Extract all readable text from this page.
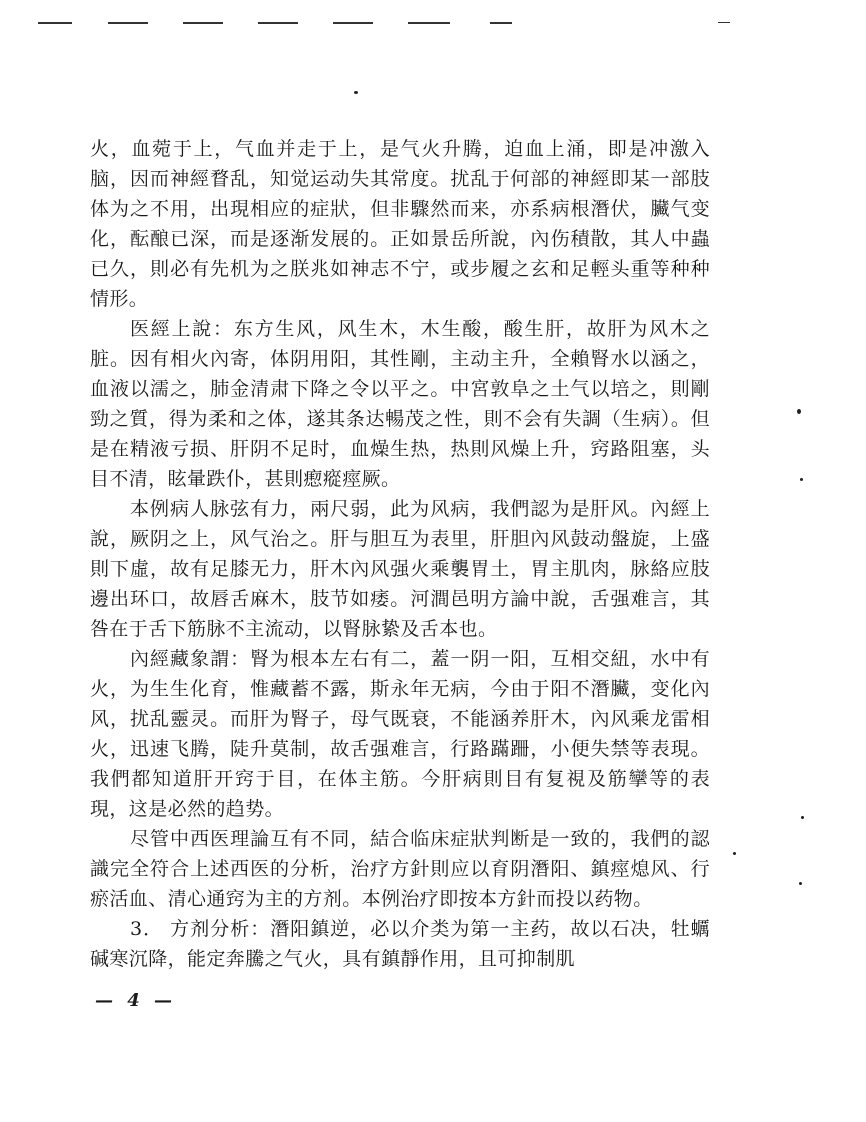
火，血菀于上，气血并走于上，是气火升腾，迫血上涌，即是冲激入脑，因而神經瞀乱，知觉运动失其常度。扰乱于何部的神經即某一部肢体为之不用，出現相应的症狀，但非驟然而来，亦系病根潛伏，臟气变化，酝酿已深，而是逐渐发展的。正如景岳所說，內伤積散，其人中蟲已久，則必有先机为之朕兆如神志不宁，或步履之玄和足輕头重等种种情形。

医經上說：东方生风，风生木，木生酸，酸生肝，故肝为风木之脏。因有相火內寄，体阴用阳，其性剛，主动主升，全賴腎水以涵之，血液以濡之，肺金清肃下降之令以平之。中宮敦阜之土气以培之，則剛勁之質，得为柔和之体，遂其条达暢茂之性，則不会有失調（生病）。但是在精液亏损、肝阴不足时，血燥生热，热則风燥上升，窍路阻塞，头目不清，眩暈跌仆，甚則瘛瘲痙厥。

本例病人脉弦有力，兩尺弱，此为风病，我們認为是肝风。內經上說，厥阴之上，风气治之。肝与胆互为表里，肝胆內风鼓动盤旋，上盛則下虛，故有足膝无力，肝木內风强火乘襲胃土，胃主肌肉，脉絡应肢邊出环口，故唇舌麻木，肢节如痿。河澗邑明方論中說，舌强难言，其咎在于舌下筋脉不主流动，以腎脉絷及舌本也。

內經藏象謂：腎为根本左右有二，蓋一阴一阳，互相交紐，水中有火，为生生化育，惟藏蓄不露，斯永年无病，今由于阳不潛臟，变化內风，扰乱靈灵。而肝为腎子，母气既衰，不能涵养肝木，內风乘龙雷相火，迅速飞腾，陡升莫制，故舌强难言，行路蹣跚，小便失禁等表現。我們都知道肝开窍于目，在体主筋。今肝病則目有复視及筋攣等的表現，这是必然的趋势。

尽管中西医理論互有不同，結合临床症狀判断是一致的，我們的認識完全符合上述西医的分析，治疗方針則应以育阴潛阳、鎮痙熄风、行瘀活血、清心通窍为主的方剂。本例治疗即按本方針而投以药物。

3． 方剂分析：潛阳鎮逆，必以介类为第一主药，故以石决，牡蠣碱寒沉降，能定奔騰之气火，具有鎮靜作用，且可抑制肌

— 4 —
